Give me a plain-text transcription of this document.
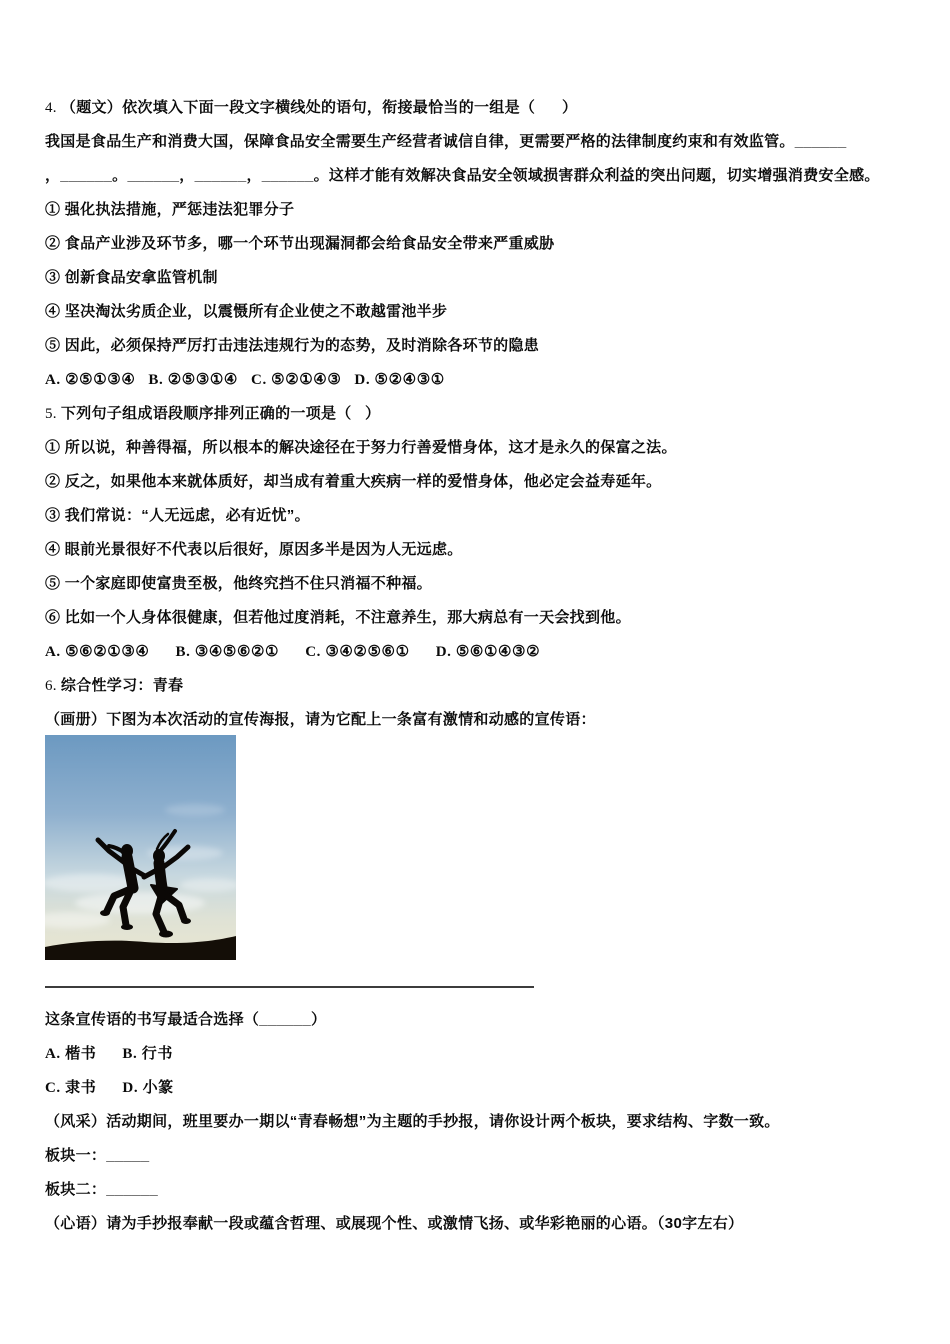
4. （题文）依次填入下面一段文字横线处的语句，衔接最恰当的一组是（      ）

我国是食品生产和消费大国，保障食品安全需要生产经营者诚信自律，更需要严格的法律制度约束和有效监管。______

，______。______，______，______。这样才能有效解决食品安全领域损害群众利益的突出问题，切实增强消费安全感。

① 强化执法措施，严惩违法犯罪分子

② 食品产业涉及环节多，哪一个环节出现漏洞都会给食品安全带来严重威胁

③ 创新食品安拿监管机制

④ 坚决淘汰劣质企业，以震慑所有企业使之不敢越雷池半步

⑤ 因此，必须保持严厉打击违法违规行为的态势，及时消除各环节的隐患

A. ②⑤①③④   B. ②⑤③①④   C. ⑤②①④③   D. ⑤②④③①

5. 下列句子组成语段顺序排列正确的一项是（   ）

① 所以说，种善得福，所以根本的解决途径在于努力行善爱惜身体，这才是永久的保富之法。

② 反之，如果他本来就体质好，却当成有着重大疾病一样的爱惜身体，他必定会益寿延年。

③ 我们常说：“人无远虑，必有近忧”。

④ 眼前光景很好不代表以后很好，原因多半是因为人无远虑。

⑤ 一个家庭即使富贵至极，他终究挡不住只消福不种福。

⑥ 比如一个人身体很健康，但若他过度消耗，不注意养生，那大病总有一天会找到他。

A. ⑤⑥②①③④      B. ③④⑤⑥②①      C. ③④②⑤⑥①      D. ⑤⑥①④③②

6. 综合性学习：青春

（画册）下图为本次活动的宣传海报，请为它配上一条富有激情和动感的宣传语：

这条宣传语的书写最适合选择（______）

A. 楷书      B. 行书

C. 隶书      D. 小篆

（风采）活动期间，班里要办一期以“青春畅想”为主题的手抄报，请你设计两个板块，要求结构、字数一致。

板块一：_____

板块二：______

（心语）请为手抄报奉献一段或蕴含哲理、或展现个性、或激情飞扬、或华彩艳丽的心语。（30字左右）
